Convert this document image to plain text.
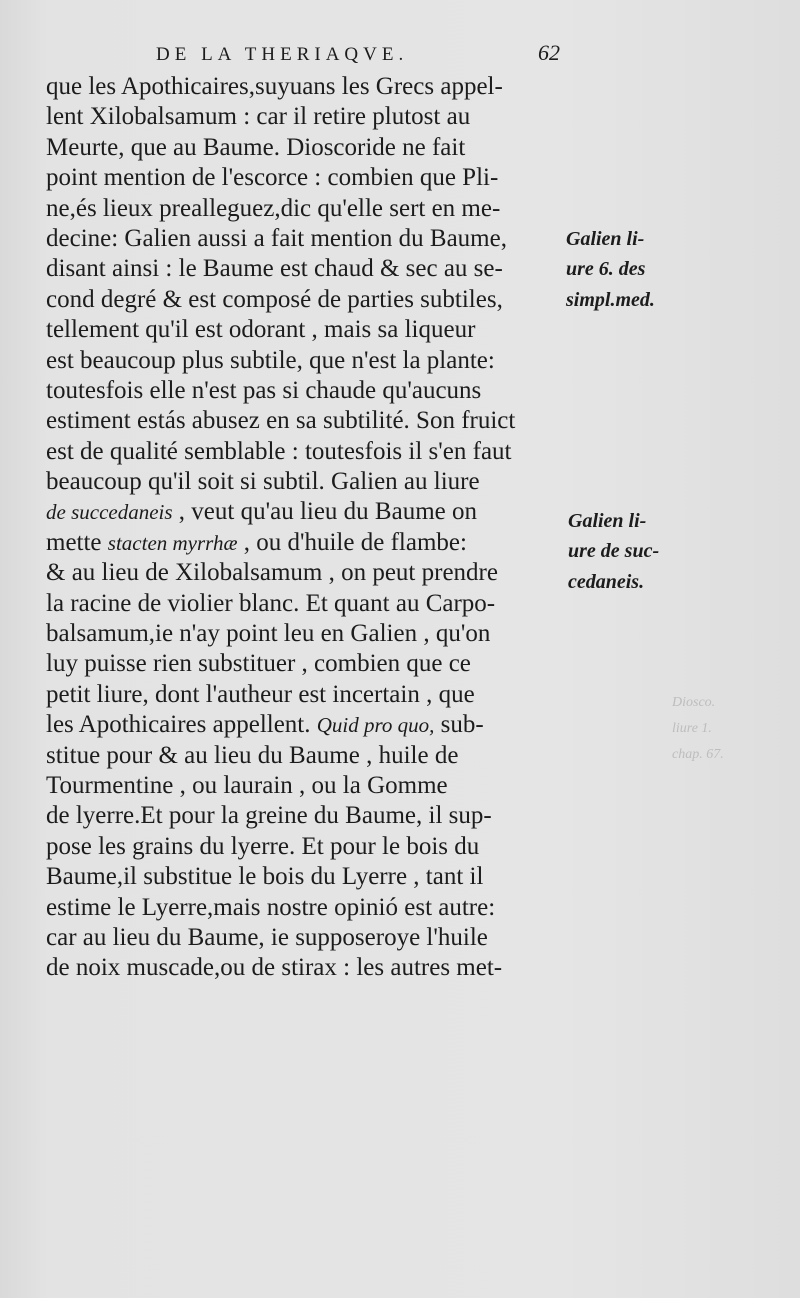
DE LA THERIAQVE.	62
que les Apothicaires,suyuans les Grecs appel-
lent Xilobalsamum : car il retire plutost au
Meurte, que au Baume. Dioscoride ne fait
point mention de l'escorce : combien que Pli-
ne,és lieux prealleguez,dic qu'elle sert en me-
decine: Galien aussi a fait mention du Baume,
disant ainsi : le Baume est chaud & sec au se-
cond degré & est composé de parties subtiles,
tellement qu'il est odorant , mais sa liqueur
est beaucoup plus subtile, que n'est la plante:
toutesfois elle n'est pas si chaude qu'aucuns
estiment estás abusez en sa subtilité. Son fruict
est de qualité semblable : toutesfois il s'en faut
beaucoup qu'il soit si subtil. Galien au liure
de succedaneis , veut qu'au lieu du Baume on
mette stacten myrrhæ , ou d'huile de flambe:
& au lieu de Xilobalsamum , on peut prendre
la racine de violier blanc. Et quant au Carpo-
balsamum,ie n'ay point leu en Galien , qu'on
luy puisse rien substituer , combien que ce
petit liure, dont l'autheur est incertain , que
les Apothicaires appellent. Quid pro quo, sub-
stitue pour & au lieu du Baume , huile de
Tourmentine , ou laurain , ou la Gomme
de lyerre.Et pour la greine du Baume, il sup-
pose les grains du lyerre. Et pour le bois du
Baume,il substitue le bois du Lyerre , tant il
estime le Lyerre,mais nostre opinió est autre:
car au lieu du Baume, ie supposeroye l'huile
de noix muscade,ou de stirax : les autres met-
Galien li-
ure 6. des
simpl.med.
Galien li-
ure de suc-
cedaneis.
Diosco.
liure 1.
chap. 67.
